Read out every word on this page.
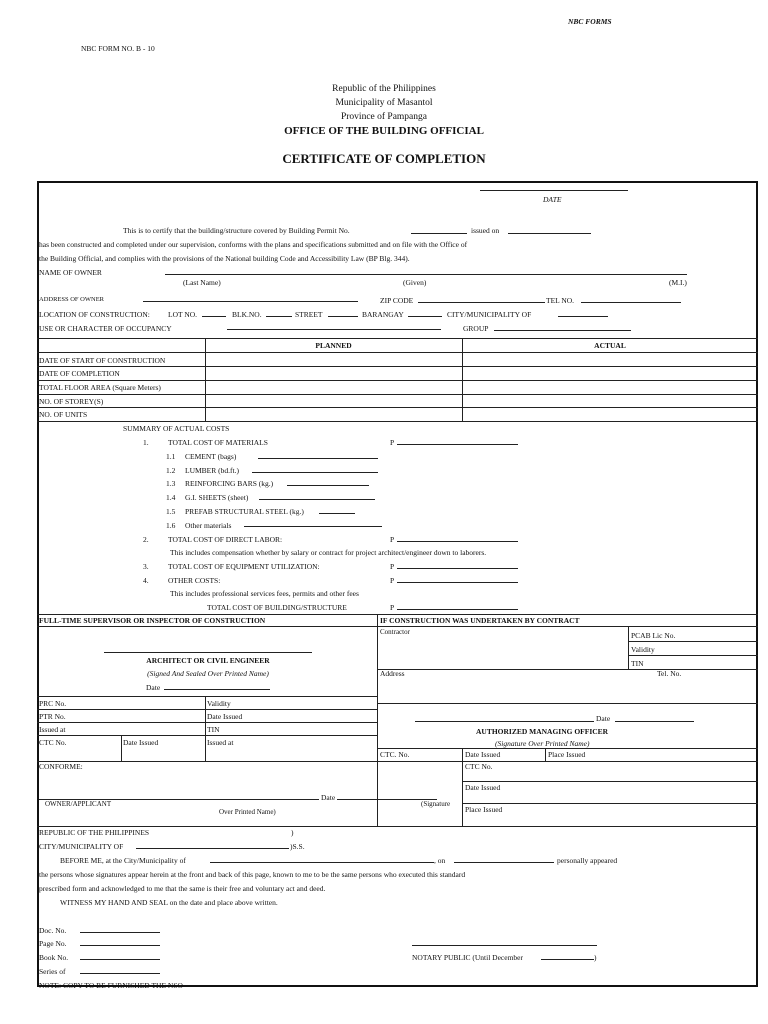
NBC FORMS
NBC FORM NO. B - 10
Republic of the Philippines
Municipality of Masantol
Province of Pampanga
OFFICE OF THE BUILDING OFFICIAL
CERTIFICATE OF COMPLETION
DATE
This is to certify that the building/structure covered by Building Permit No.	issued on
has been constructed and completed under our supervision, conforms with the plans and specifications submitted and on file with the Office of
the Building Official, and complies with the provisions of the National building Code and Accessibility Law (BP Blg. 344).
NAME OF OWNER
(Last Name)	(Given)	(M.I.)
ADDRESS OF OWNER	ZIP CODE	TEL NO.
LOCATION OF CONSTRUCTION: LOT NO.	BLK.NO.	STREET	BARANGAY	CITY/MUNICIPALITY OF
USE OR CHARACTER OF OCCUPANCY	GROUP
PLANNED	ACTUAL
DATE OF START OF CONSTRUCTION
DATE OF COMPLETION
TOTAL FLOOR AREA (Square Meters)
NO. OF STOREY(S)
NO. OF UNITS
SUMMARY OF ACTUAL COSTS
1.	TOTAL COST OF MATERIALS	P
1.1 CEMENT (bags)
1.2 LUMBER (bd.ft.)
1.3 REINFORCING BARS (kg.)
1.4 G.I. SHEETS (sheet)
1.5 PREFAB STRUCTURAL STEEL (kg.)
1.6 Other materials
2.	TOTAL COST OF DIRECT LABOR:	P
This includes compensation whether by salary or contract for project architect/engineer down to laborers.
3.	TOTAL COST OF EQUIPMENT UTILIZATION:	P
4.	OTHER COSTS:	P
This includes professional services fees, permits and other fees
TOTAL COST OF BUILDING/STRUCTURE	P
FULL-TIME SUPERVISOR OR INSPECTOR OF CONSTRUCTION	IF CONSTRUCTION WAS UNDERTAKEN BY CONTRACT
ARCHITECT OR CIVIL ENGINEER
(Signed And Sealed Over Printed Name)
Date
PRC No.	Validity
PTR No.	Date Issued
Issued at	TIN
CTC No.	Date Issued	Issued at
Contractor	PCAB Lic No.
Validity
TIN
Address	Tel. No.
Date
AUTHORIZED MANAGING OFFICER
(Signature Over Printed Name)
CTC. No.	Date Issued	Place Issued
CONFORME:
Date
OWNER/APPLICANT	(Signature
Over Printed Name)
CTC No.
Date Issued
Place Issued
REPUBLIC OF THE PHILIPPINES	)
CITY/MUNICIPALITY OF	)S.S.
BEFORE ME, at the City/Municipality of	, on	personally appeared
the persons whose signatures appear herein at the front and back of this page, known to me to be the same persons who executed this standard
prescribed form and acknowledged to me that the same is their free and voluntary act and deed.
WITNESS MY HAND AND SEAL on the date and place above written.
Doc. No.
Page No.
Book No.
Series of
NOTARY PUBLIC (Until December	)
NOTE: COPY TO BE FURNISHED THE NSO
